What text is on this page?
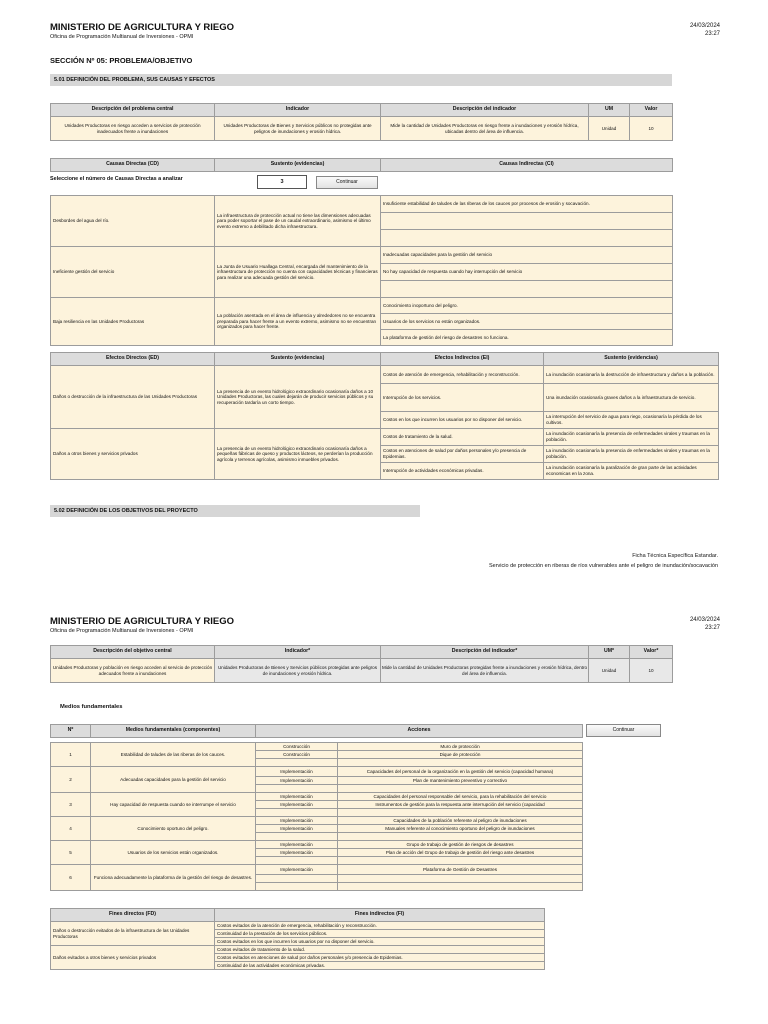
MINISTERIO DE AGRICULTURA Y RIEGO
Oficina de Programación Multianual de Inversiones - OPMI
24/03/2024
23:27
SECCIÓN Nº 05: PROBLEMA/OBJETIVO
5.01 DEFINICIÓN DEL PROBLEMA, SUS CAUSAS Y EFECTOS
Descripción del problema central	Indicador	Descripción del indicador	UM	Valor
Unidades Productoras en riesgo acceden a servicios de protección inadecuados frente a inundaciones	Unidades Productoras de Bienes y Servicios públicos no protegidas ante peligros de inundaciones y erosión hídrica.	Mide la cantidad de Unidades Productoras en riesgo frente a inundaciones y erosión hídrica, ubicadas dentro del área de influencia.	Unidad	10
Causas Directas (CD)	Sustento (evidencias)	Causas Indirectas (CI)
Seleccione el número de Causas Directas a analizar	3	Continuar
Desbordes del agua del río.	La infraestructura de protección actual no tiene las dimensiones adecuadas para poder soportar el pase de un caudal extraordinario, asimismo el último evento extremo a debilitado dicha infraestructura.	Insuficiente estabilidad de taludes de las riberas de los cauces por procesos de erosión y socavación.

Ineficiente gestión del servicio	La Junta de Usuario Huallaga Central, encargada del mantenimiento de la infraestructura de protección no cuenta con capacidades técnicas y financieras para realizar una adecuada gestión del servicio.	Inadecuadas capacidades para la gestión del servicio
		No hay capacidad de respuesta cuando hay interrupción del servicio

Baja resiliencia en las Unidades Productoras	La población asentada en el área de influencia y alrededores no se encuentra preparada para hacer frente a un evento extremo, asimismo no se encuentran organizados para hacer frente.	Conocimiento inoportuno del peligro.
		Usuarios de los servicios no están organizados.
		La plataforma de gestión del riesgo de desastres no funciona.
Efectos Directos (ED)	Sustento (evidencias)	Efectos Indirectos (EI)	Sustento (evidencias)
Daños o destrucción de la infraestructura de las Unidades Productoras	La presencia de un evento hidrológico extraordinario ocasionaría daños a 10 Unidades Productoras, las cuales dejarán de producir servicios públicos y su recuperación tardaría un corto tiempo.	Costos de atención de emergencia, rehabilitación y reconstrucción.	La inundación ocasionaría la destrucción de infraestructura y daños a la población.
		Interrupción de los servicios.	Una inundación ocasionaría graves daños a la infraestructura de servicio.
		Costos en los que incurren los usuarios por no disponer del servicio.	La interrupción del servicio de agua para riego, ocasionaría la pérdida de los cultivos.
Daños a otros bienes y servicios privados	La presencia de un evento hidrológico extraordinario ocasionaría daños a pequeñas fábricas de queso y productos lácteos, se perderían la producción agrícola y terrenos agrícolas, asimismo inmuebles privados.	Costos de tratamiento de la salud.	La inundación ocasionaría la presencia de enfermedades virales y traumas en la población.
		Costos en atenciones de salud por daños personales y/o presencia de Epidemias.	La inundación ocasionaría la presencia de enfermedades virales y traumas en la población.
		Interrupción de actividades económicas privadas.	La inundación ocasionaría la paralización de gran parte de las actividades economicas en la zona.
5.02 DEFINICIÓN DE LOS OBJETIVOS DEL PROYECTO
Ficha Técnica Específica Estandar.
Servicio de protección en riberas de ríos vulnerables ante el peligro de inundación/socavación
MINISTERIO DE AGRICULTURA Y RIEGO
Oficina de Programación Multianual de Inversiones - OPMI
24/03/2024
23:27
Descripción del objetivo central	Indicador*	Descripción del indicador*	UM*	Valor*
Unidades Productoras y población en riesgo acceden al servicio de protección adecuados frente a inundaciones	Unidades Productoras de Bienes y Servicios públicos protegidas ante peligros de inundaciones y erosión hídrica.	Mide la cantidad de Unidades Productoras protegidas frente a inundaciones y erosión hídrica, dentro del área de influencia.	Unidad	10
Medios fundamentales
Nº	Medios fundamentales (componentes)	Acciones	Continuar
1	Estabilidad de taludes de las riberas de los cauces.	Construcción	Muro de protección
		Construcción	Dique de protección

2	Adecuadas capacidades para la gestión del servicio	Implementación	Capacidades del personal de la organización en la gestión del servicio (capacidad humana)
		Implementación	Plan de mantenimiento preventivo y correctivo

3	Hay capacidad de respuesta cuando se interrumpe el servicio	Implementación	Capacidades del personal responsable del servicio, para la rehabilitación del servicio
		Implementación	Instrumentos de gestión para la respuesta ante interrupción del servicio (capacidad

4	Conocimiento oportuno del peligro.	Implementación	Capacidades de la población referente al peligro de inundaciones
		Implementación	Manuales referente al conocimiento oportuno del peligro de inundaciones

5	Usuarios de los servicios están organizados.	Implementación	Grupo de trabajo de gestión de riesgos de desastres
		Implementación	Plan de acción del Grupo de trabajo de gestión del riesgo ante desastres

6	Funciona adecuadamente la plataforma de la gestión del riesgo de desastres.	Implementación	Plataforma de Gestión de Desastres

Fines directos (FD)	Fines indirectos (FI)
Daños o destrucción evitados de la infraestructura de las Unidades Productoras	Costos evitados de la atención de emergencia, rehabilitación y reconstrucción.
	Continuidad de la prestación de los servicios públicos.
	Costos evitados en los que incurren los usuarios por no disponer del servicio.
Daños evitados a otros bienes y servicios privados	Costos evitados de tratamiento de la salud.
	Costos evitados en atenciones de salud por daños personales y/o presencia de Epidemias.
	Continuidad de las actividades económicas privadas.
